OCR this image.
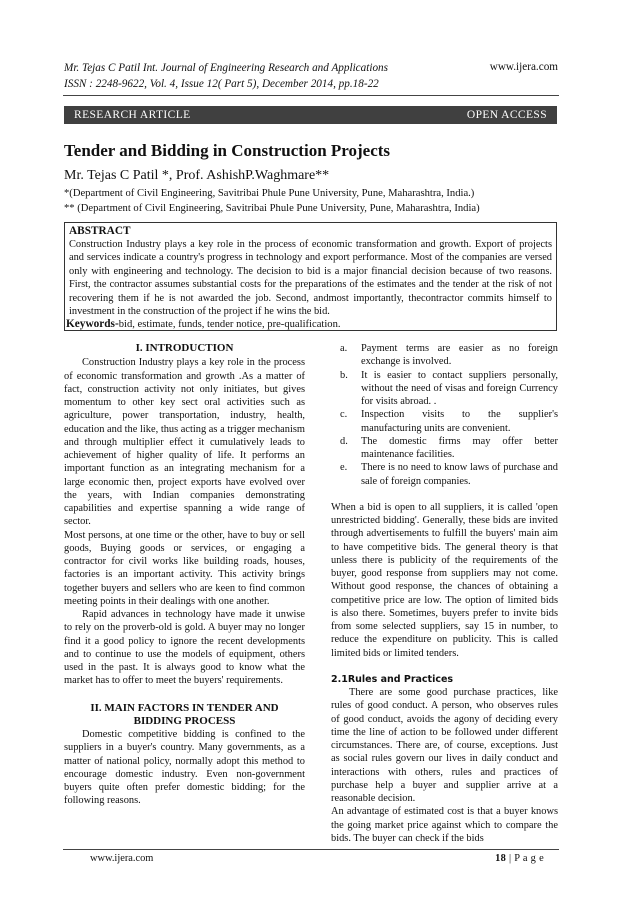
Mr. Tejas C Patil Int. Journal of Engineering Research and Applications
ISSN : 2248-9622, Vol. 4, Issue 12( Part 5), December 2014, pp.18-22
www.ijera.com
RESEARCH ARTICLE	OPEN ACCESS
Tender and Bidding in Construction Projects
Mr. Tejas C Patil *, Prof. AshishP.Waghmare**
*(Department of Civil Engineering, Savitribai Phule Pune University, Pune, Maharashtra, India.)
** (Department of Civil Engineering, Savitribai Phule Pune University, Pune, Maharashtra, India)
ABSTRACT

Construction Industry plays a key role in the process of economic transformation and growth. Export of projects and services indicate a country's progress in technology and export performance. Most of the companies are versed only with engineering and technology. The decision to bid is a major financial decision because of two reasons. First, the contractor assumes substantial costs for the preparations of the estimates and the tender at the risk of not recovering them if he is not awarded the job. Second, andmost importantly, thecontractor commits himself to investment in the construction of the project if he wins the bid.

Keywords-bid, estimate, funds, tender notice, pre-qualification.

I. INTRODUCTION

Construction Industry plays a key role in the process of economic transformation and growth .As a matter of fact, construction activity not only initiates, but gives momentum to other key sect oral activities such as agriculture, power transportation, industry, health, education and the like, thus acting as a trigger mechanism and through multiplier effect it cumulatively leads to achievement of higher quality of life. It performs an important function as an integrating mechanism for a large economic then, project exports have evolved over the years, with Indian companies demonstrating capabilities and expertise spanning a wide range of sector.

Most persons, at one time or the other, have to buy or sell goods, Buying goods or services, or engaging a contractor for civil works like building roads, houses, factories is an important activity. This activity brings together buyers and sellers who are keen to find common meeting points in their dealings with one another.

Rapid advances in technology have made it unwise to rely on the proverb-old is gold. A buyer may no longer find it a good policy to ignore the recent developments and to continue to use the models of equipment, others used in the past. It is always good to know what the market has to offer to meet the buyers' requirements.

II. MAIN FACTORS IN TENDER AND
BIDDING PROCESS

Domestic competitive bidding is confined to the suppliers in a buyer's country. Many governments, as a matter of national policy, normally adopt this method to encourage domestic industry. Even non-government buyers quite often prefer domestic bidding; for the following reasons.

a. Payment terms are easier as no foreign exchange is involved.
b. It is easier to contact suppliers personally, without the need of visas and foreign Currency for visits abroad. .
c. Inspection visits to the supplier's manufacturing units are convenient.
d. The domestic firms may offer better maintenance facilities.
e. There is no need to know laws of purchase and sale of foreign companies.

When a bid is open to all suppliers, it is called 'open unrestricted bidding'. Generally, these bids are invited through advertisements to fulfill the buyers' main aim to have competitive bids. The general theory is that unless there is publicity of the requirements of the buyer, good response from suppliers may not come. Without good response, the chances of obtaining a competitive price are low. The option of limited bids is also there. Sometimes, buyers prefer to invite bids from some selected suppliers, say 15 in number, to reduce the expenditure on publicity. This is called limited bids or limited tenders.

2.1Rules and Practices

There are some good purchase practices, like rules of good conduct. A person, who observes rules of good conduct, avoids the agony of deciding every time the line of action to be followed under different circumstances. There are, of course, exceptions. Just as social rules govern our lives in daily conduct and interactions with others, rules and practices of purchase help a buyer and supplier arrive at a reasonable decision.

An advantage of estimated cost is that a buyer knows the going market price against which to compare the bids. The buyer can check if the bids

www.ijera.com	18 | P a g e
